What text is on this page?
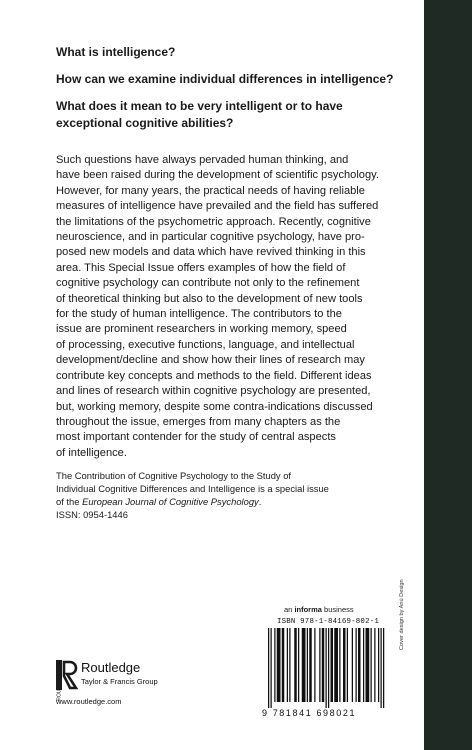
What is intelligence?
How can we examine individual differences in intelligence?
What does it mean to be very intelligent or to have
exceptional cognitive abilities?
Such questions have always pervaded human thinking, and
have been raised during the development of scientific psychology.
However, for many years, the practical needs of having reliable
measures of intelligence have prevailed and the field has suffered
the limitations of the psychometric approach. Recently, cognitive
neuroscience, and in particular cognitive psychology, have pro-
posed new models and data which have revived thinking in this
area. This Special Issue offers examples of how the field of
cognitive psychology can contribute not only to the refinement
of theoretical thinking but also to the development of new tools
for the study of human intelligence. The contributors to the
issue are prominent researchers in working memory, speed
of processing, executive functions, language, and intellectual
development/decline and show how their lines of research may
contribute key concepts and methods to the field. Different ideas
and lines of research within cognitive psychology are presented,
but, working memory, despite some contra-indications discussed
throughout the issue, emerges from many chapters as the
most important contender for the study of central aspects
of intelligence.
The Contribution of Cognitive Psychology to the Study of
Individual Cognitive Differences and Intelligence is a special issue
of the European Journal of Cognitive Psychology.
ISSN: 0954-1446
an informa business
ISBN 978-1-84169-802-1
9 781841 698021
ROUTLEDGE
Routledge
Taylor & Francis Group
www.routledge.com
Cover design by Anú Design
